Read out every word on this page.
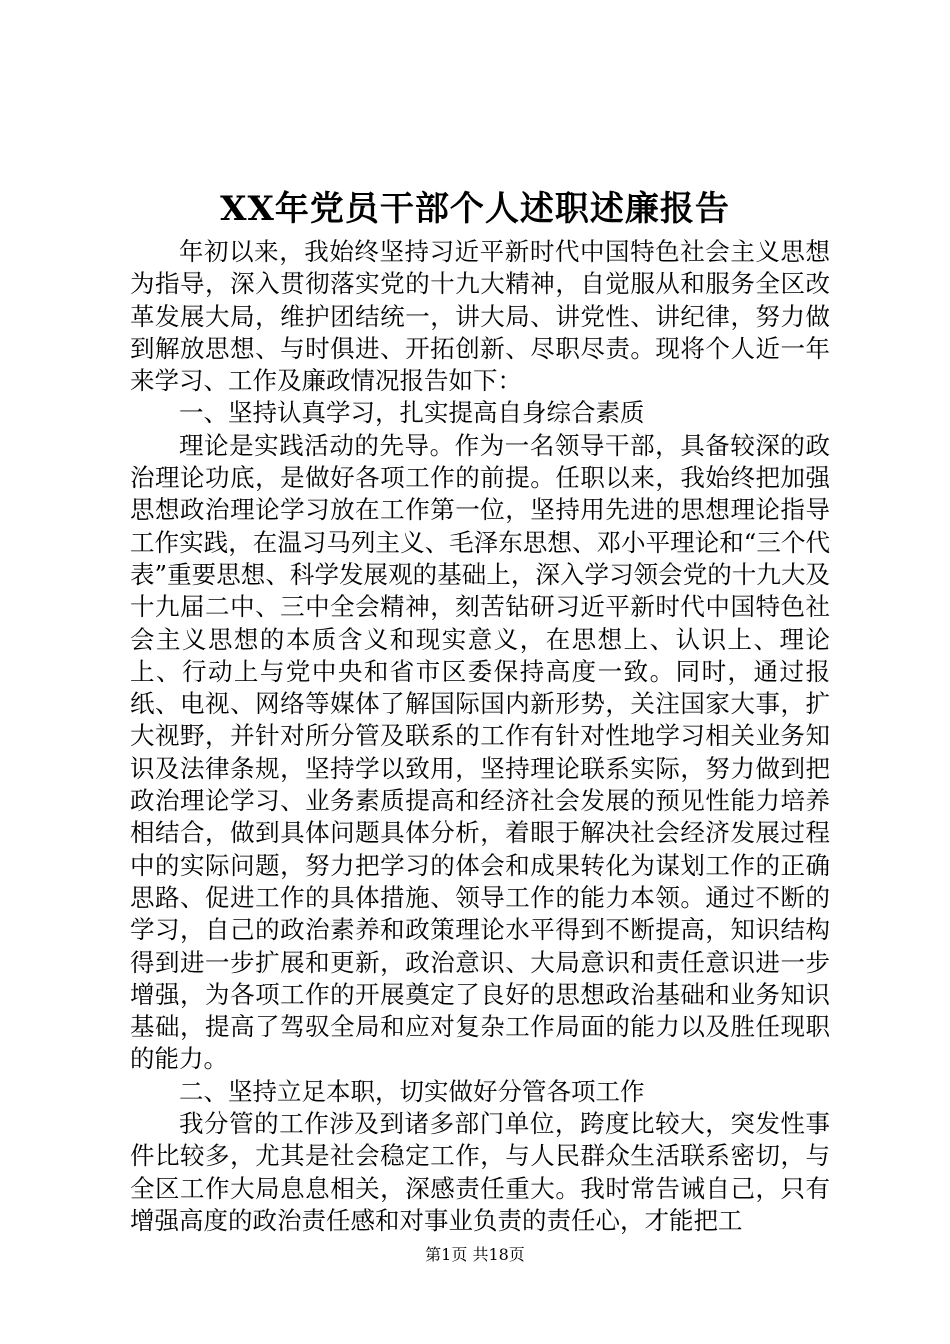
XX年党员干部个人述职述廉报告

年初以来，我始终坚持习近平新时代中国特色社会主义思想为指导，深入贯彻落实党的十九大精神，自觉服从和服务全区改革发展大局，维护团结统一，讲大局、讲党性、讲纪律，努力做到解放思想、与时俱进、开拓创新、尽职尽责。现将个人近一年来学习、工作及廉政情况报告如下：

一、坚持认真学习，扎实提高自身综合素质

理论是实践活动的先导。作为一名领导干部，具备较深的政治理论功底，是做好各项工作的前提。任职以来，我始终把加强思想政治理论学习放在工作第一位，坚持用先进的思想理论指导工作实践，在温习马列主义、毛泽东思想、邓小平理论和“三个代表”重要思想、科学发展观的基础上，深入学习领会党的十九大及十九届二中、三中全会精神，刻苦钻研习近平新时代中国特色社会主义思想的本质含义和现实意义，在思想上、认识上、理论上、行动上与党中央和省市区委保持高度一致。同时，通过报纸、电视、网络等媒体了解国际国内新形势，关注国家大事，扩大视野，并针对所分管及联系的工作有针对性地学习相关业务知识及法律条规，坚持学以致用，坚持理论联系实际，努力做到把政治理论学习、业务素质提高和经济社会发展的预见性能力培养相结合，做到具体问题具体分析，着眼于解决社会经济发展过程中的实际问题，努力把学习的体会和成果转化为谋划工作的正确思路、促进工作的具体措施、领导工作的能力本领。通过不断的学习，自己的政治素养和政策理论水平得到不断提高，知识结构得到进一步扩展和更新，政治意识、大局意识和责任意识进一步增强，为各项工作的开展奠定了良好的思想政治基础和业务知识基础，提高了驾驭全局和应对复杂工作局面的能力以及胜任现职的能力。

二、坚持立足本职，切实做好分管各项工作

我分管的工作涉及到诸多部门单位，跨度比较大，突发性事件比较多，尤其是社会稳定工作，与人民群众生活联系密切，与全区工作大局息息相关，深感责任重大。我时常告诫自己，只有增强高度的政治责任感和对事业负责的责任心，才能把工

第1页 共18页
